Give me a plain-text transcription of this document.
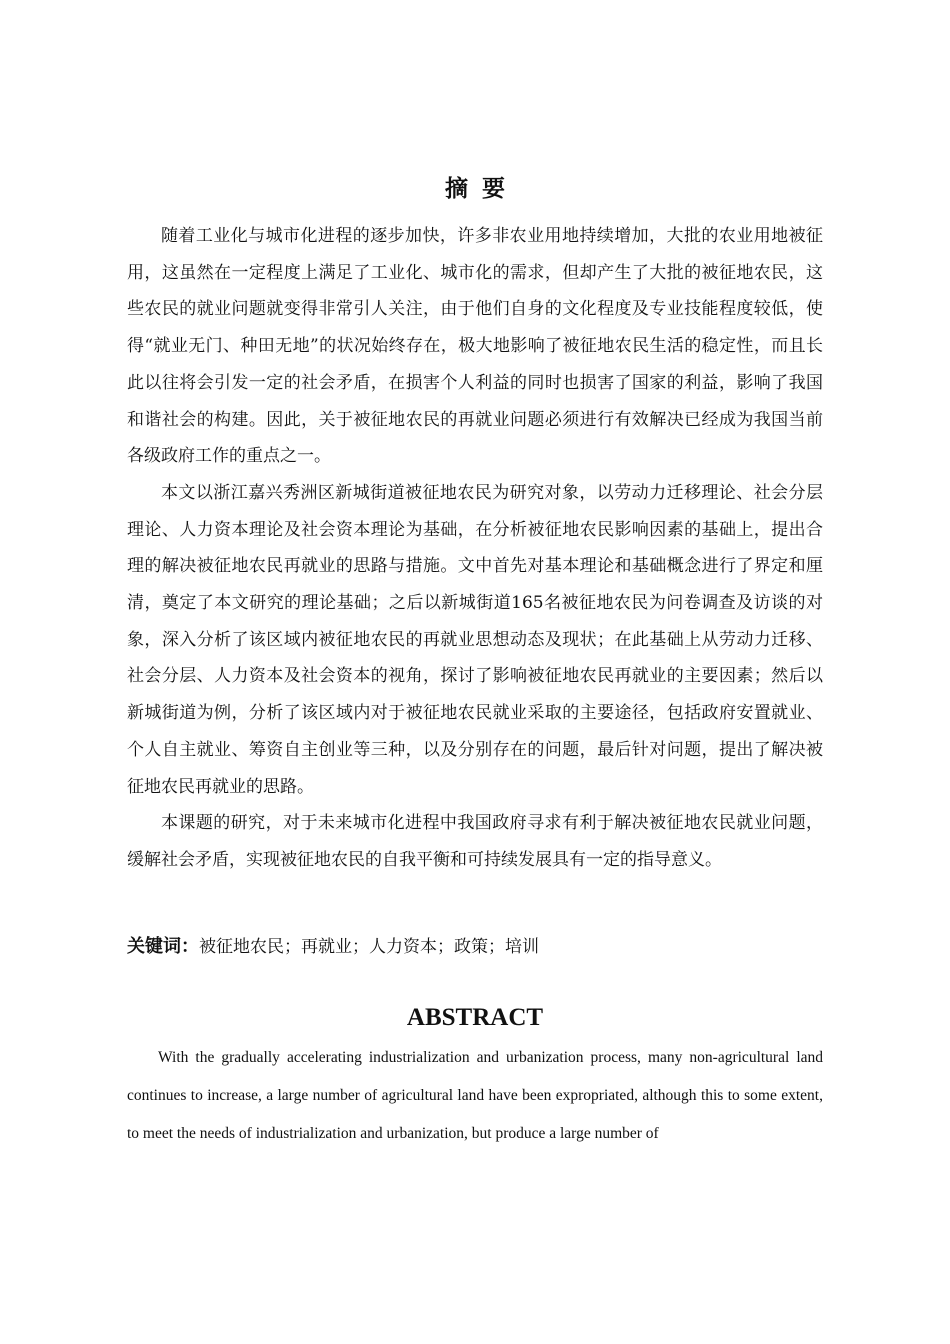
摘要

随着工业化与城市化进程的逐步加快，许多非农业用地持续增加，大批的农业用地被征用，这虽然在一定程度上满足了工业化、城市化的需求，但却产生了大批的被征地农民，这些农民的就业问题就变得非常引人关注，由于他们自身的文化程度及专业技能程度较低，使得“就业无门、种田无地”的状况始终存在，极大地影响了被征地农民生活的稳定性，而且长此以往将会引发一定的社会矛盾，在损害个人利益的同时也损害了国家的利益，影响了我国和谐社会的构建。因此，关于被征地农民的再就业问题必须进行有效解决已经成为我国当前各级政府工作的重点之一。

本文以浙江嘉兴秀洲区新城街道被征地农民为研究对象，以劳动力迁移理论、社会分层理论、人力资本理论及社会资本理论为基础，在分析被征地农民影响因素的基础上，提出合理的解决被征地农民再就业的思路与措施。文中首先对基本理论和基础概念进行了界定和厘清，奠定了本文研究的理论基础；之后以新城街道165名被征地农民为问卷调查及访谈的对象，深入分析了该区域内被征地农民的再就业思想动态及现状；在此基础上从劳动力迁移、社会分层、人力资本及社会资本的视角，探讨了影响被征地农民再就业的主要因素；然后以新城街道为例，分析了该区域内对于被征地农民就业采取的主要途径，包括政府安置就业、个人自主就业、筹资自主创业等三种，以及分别存在的问题，最后针对问题，提出了解决被征地农民再就业的思路。

本课题的研究，对于未来城市化进程中我国政府寻求有利于解决被征地农民就业问题，缓解社会矛盾，实现被征地农民的自我平衡和可持续发展具有一定的指导意义。

关键词：被征地农民；再就业；人力资本；政策；培训
ABSTRACT

With the gradually accelerating industrialization and urbanization process, many non-agricultural land continues to increase, a large number of agricultural land have been expropriated, although this to some extent, to meet the needs of industrialization and urbanization, but produce a large number of
